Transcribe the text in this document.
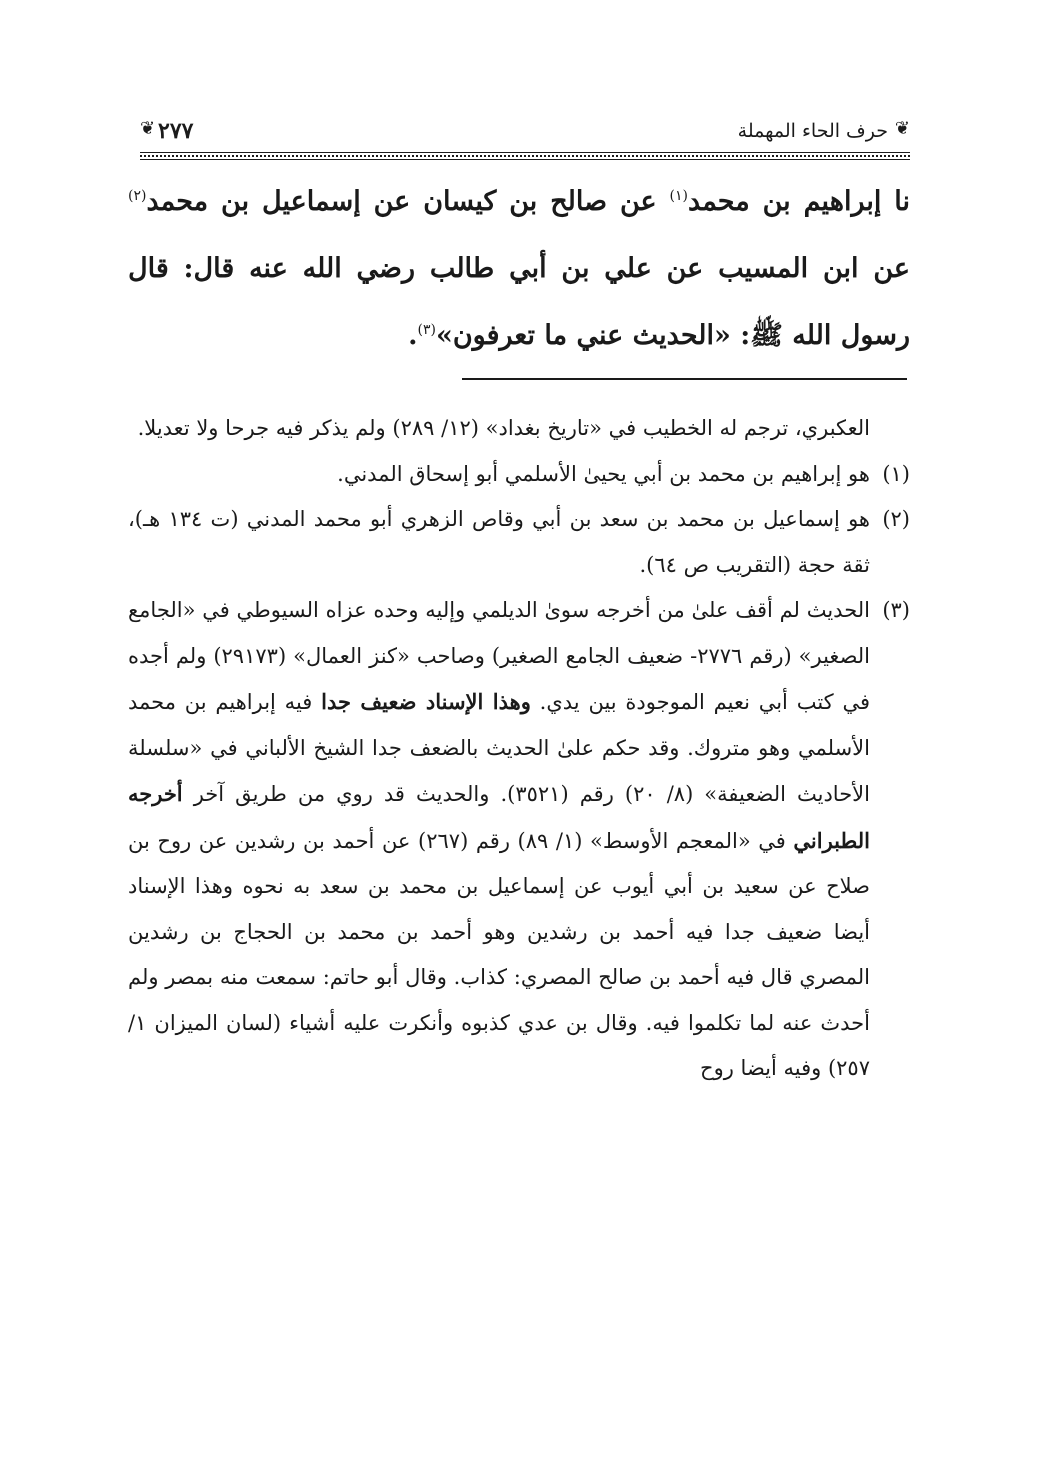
❦
حرف الحاء المهملة
٢٧٧
❦

نا إبراهيم بن محمد$^{(١)}$ عن صالح بن كيسان عن إسماعيل بن محمد$^{(٢)}$ عن ابن المسيب عن علي بن أبي طالب رضي الله عنه قال: قال رسول الله ﷺ: «الحديث عني ما تعرفون»$^{(٣)}$.

العكبري، ترجم له الخطيب في «تاريخ بغداد» (١٢/ ٢٨٩) ولم يذكر فيه جرحا ولا تعديلا.

(١)

هو إبراهيم بن محمد بن أبي يحيىٰ الأسلمي أبو إسحاق المدني.

(٢)

هو إسماعيل بن محمد بن سعد بن أبي وقاص الزهري أبو محمد المدني (ت ١٣٤ هـ)، ثقة حجة (التقريب ص ٦٤).

(٣)

الحديث لم أقف علىٰ من أخرجه سوىٰ الديلمي وإليه وحده عزاه السيوطي في «الجامع الصغير» (رقم ٢٧٧٦- ضعيف الجامع الصغير) وصاحب «كنز العمال» (٢٩١٧٣) ولم أجده في كتب أبي نعيم الموجودة بين يدي. وهذا الإسناد ضعيف جدا فيه إبراهيم بن محمد الأسلمي وهو متروك. وقد حكم علىٰ الحديث بالضعف جدا الشيخ الألباني في «سلسلة الأحاديث الضعيفة» (٨/ ٢٠) رقم (٣٥٢١). والحديث قد روي من طريق آخر أخرجه الطبراني في «المعجم الأوسط» (١/ ٨٩) رقم (٢٦٧) عن أحمد بن رشدين عن روح بن صلاح عن سعيد بن أبي أيوب عن إسماعيل بن محمد بن سعد به نحوه وهذا الإسناد أيضا ضعيف جدا فيه أحمد بن رشدين وهو أحمد بن محمد بن الحجاج بن رشدين المصري قال فيه أحمد بن صالح المصري: كذاب. وقال أبو حاتم: سمعت منه بمصر ولم أحدث عنه لما تكلموا فيه. وقال بن عدي كذبوه وأنكرت عليه أشياء (لسان الميزان ١/ ٢٥٧) وفيه أيضا روح
